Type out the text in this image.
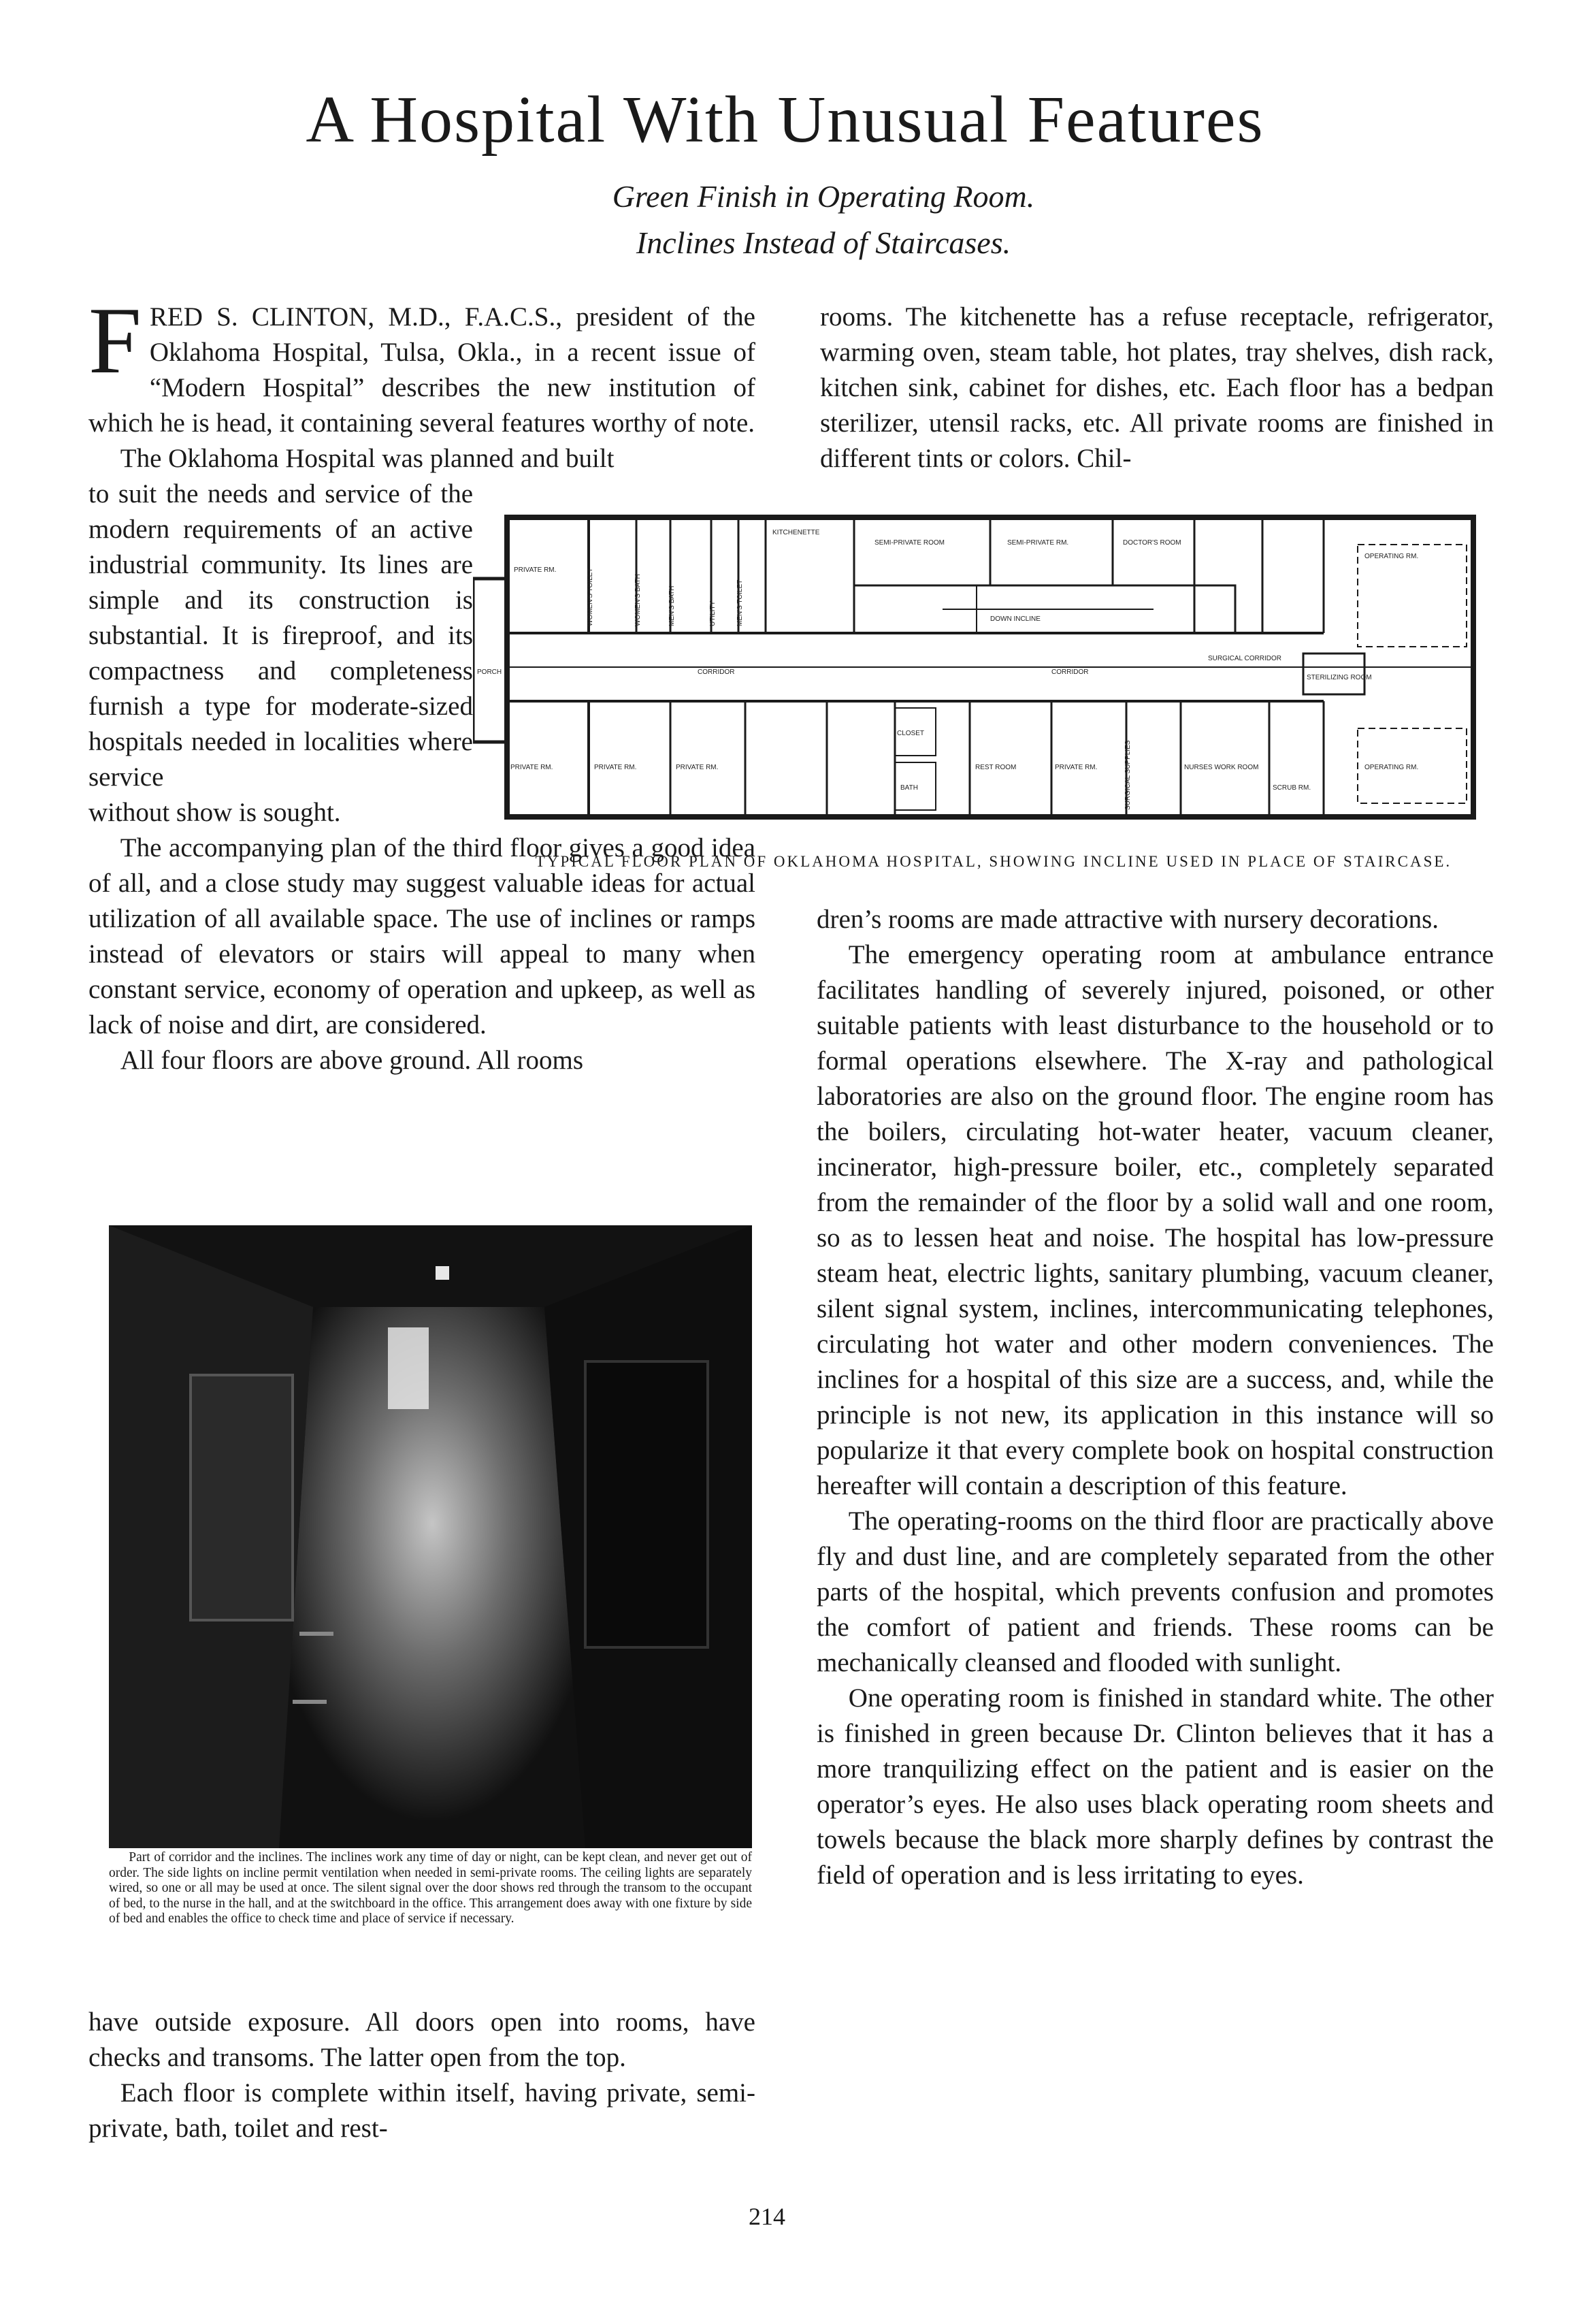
A Hospital With Unusual Features
Green Finish in Operating Room.
Inclines Instead of Staircases.

FRED S. CLINTON, M.D., F.A.C.S., president of the Oklahoma Hospital, Tulsa, Okla., in a recent issue of “Modern Hospital” describes the new institution of which he is head, it containing several features worthy of note.

The Oklahoma Hospital was planned and built

to suit the needs and service of the modern requirements of an active industrial community. Its lines are simple and its construction is substantial. It is fireproof, and its compactness and completeness furnish a type for moderate-sized hospitals needed in localities where service

without show is sought.

The accompanying plan of the third floor gives a good idea of all, and a close study may suggest valuable ideas for actual utilization of all available space. The use of inclines or ramps instead of elevators or stairs will appeal to many when constant service, economy of operation and upkeep, as well as lack of noise and dirt, are considered.

All four floors are above ground. All rooms

PORCH	CORRIDOR	CORRIDOR
PRIVATE RM.
PRIVATE RM.	PRIVATE RM.	PRIVATE RM.
KITCHENETTE
SEMI-PRIVATE ROOM	SEMI-PRIVATE RM.	DOCTOR'S ROOM
OPERATING RM.
OPERATING RM.
DOWN INCLINE
SURGICAL CORRIDOR
STERILIZING ROOM
CLOSET
BATH
REST ROOM	PRIVATE RM.	NURSES WORK ROOM
SCRUB RM.
WOMEN'S TOILET	WOMEN'S BATH	MEN'S BATH	UTILITY	MEN'S TOILET
SURGICAL SUPPLIES
TYPICAL FLOOR PLAN OF OKLAHOMA HOSPITAL, SHOWING INCLINE USED IN PLACE OF STAIRCASE.

rooms. The kitchenette has a refuse receptacle, refrigerator, warming oven, steam table, hot plates, tray shelves, dish rack, kitchen sink, cabinet for dishes, etc. Each floor has a bedpan sterilizer, utensil racks, etc. All private rooms are finished in different tints or colors. Chil-

dren’s rooms are made attractive with nursery decorations.

The emergency operating room at ambulance entrance facilitates handling of severely injured, poisoned, or other suitable patients with least disturbance to the household or to formal operations elsewhere. The X-ray and pathological laboratories are also on the ground floor. The engine room has the boilers, circulating hot-water heater, vacuum cleaner, incinerator, high-pressure boiler, etc., completely separated from the remainder of the floor by a solid wall and one room, so as to lessen heat and noise. The hospital has low-pressure steam heat, electric lights, sanitary plumbing, vacuum cleaner, silent signal system, inclines, intercommunicating telephones, circulating hot water and other modern conveniences. The inclines for a hospital of this size are a success, and, while the principle is not new, its application in this instance will so popularize it that every complete book on hospital construction hereafter will contain a description of this feature.

The operating-rooms on the third floor are practically above fly and dust line, and are completely separated from the other parts of the hospital, which prevents confusion and promotes the comfort of patient and friends. These rooms can be mechanically cleansed and flooded with sunlight.

One operating room is finished in standard white. The other is finished in green because Dr. Clinton believes that it has a more tranquilizing effect on the patient and is easier on the operator’s eyes. He also uses black operating room sheets and towels because the black more sharply defines by contrast the field of operation and is less irritating to eyes.

Part of corridor and the inclines. The inclines work any time of day or night, can be kept clean, and never get out of order. The side lights on incline permit ventilation when needed in semi-private rooms. The ceiling lights are separately wired, so one or all may be used at once. The silent signal over the door shows red through the transom to the occupant of bed, to the nurse in the hall, and at the switchboard in the office. This arrangement does away with one fixture by side of bed and enables the office to check time and place of service if necessary.

have outside exposure. All doors open into rooms, have checks and transoms. The latter open from the top.

Each floor is complete within itself, having private, semi-private, bath, toilet and rest-

214
